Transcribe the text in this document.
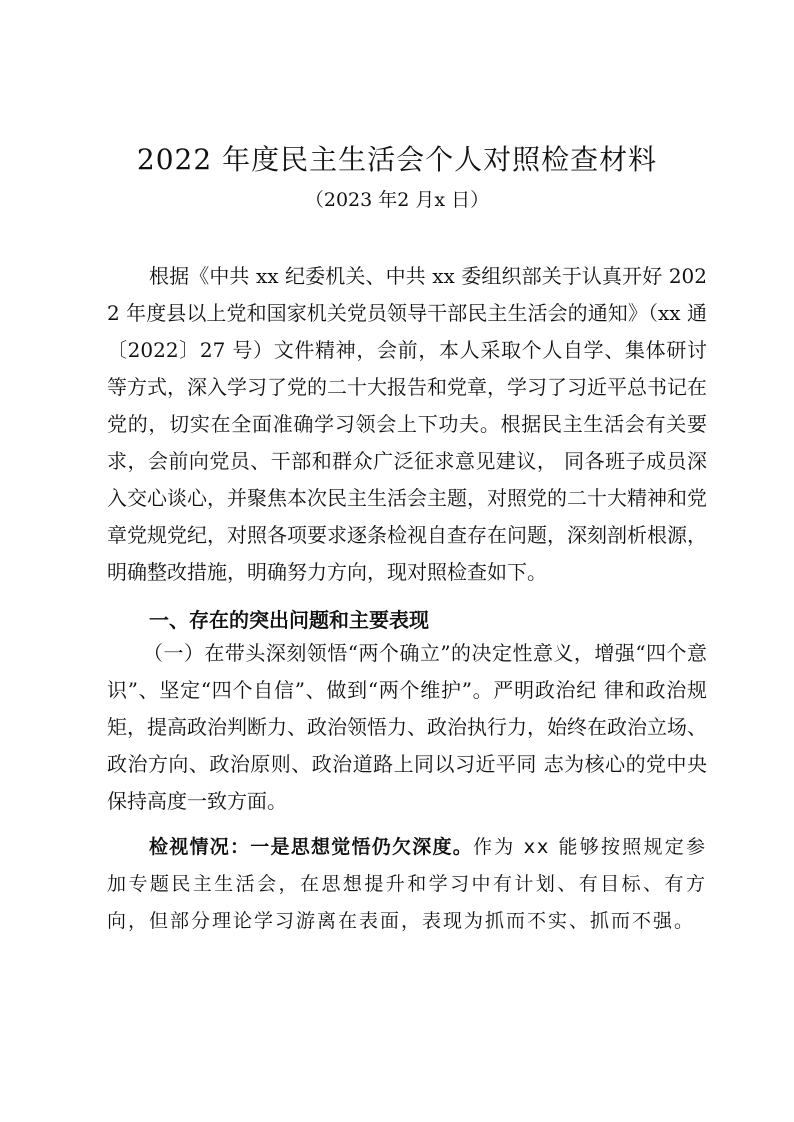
2022 年度民主生活会个人对照检查材料
（2023 年2 月x 日）

根据《中共 xx 纪委机关、中共 xx 委组织部关于认真开好 2022 年度县以上党和国家机关党员领导干部民主生活会的通知》（xx 通〔2022〕27 号）文件精神，会前，本人采取个人自学、集体研讨等方式，深入学习了党的二十大报告和党章，学习了习近平总书记在党的，切实在全面准确学习领会上下功夫。根据民主生活会有关要求，会前向党员、干部和群众广泛征求意见建议， 同各班子成员深入交心谈心，并聚焦本次民主生活会主题，对照党的二十大精神和党章党规党纪，对照各项要求逐条检视自查存在问题，深刻剖析根源，明确整改措施，明确努力方向，现对照检查如下。

一、存在的突出问题和主要表现

（一）在带头深刻领悟“两个确立”的决定性意义，增强“四个意识”、坚定“四个自信”、做到“两个维护”。严明政治纪 律和政治规矩，提高政治判断力、政治领悟力、政治执行力，始终在政治立场、政治方向、政治原则、政治道路上同以习近平同 志为核心的党中央保持高度一致方面。

检视情况：一是思想觉悟仍欠深度。作为 xx 能够按照规定参加专题民主生活会，在思想提升和学习中有计划、有目标、有方向，但部分理论学习游离在表面，表现为抓而不实、抓而不强。
